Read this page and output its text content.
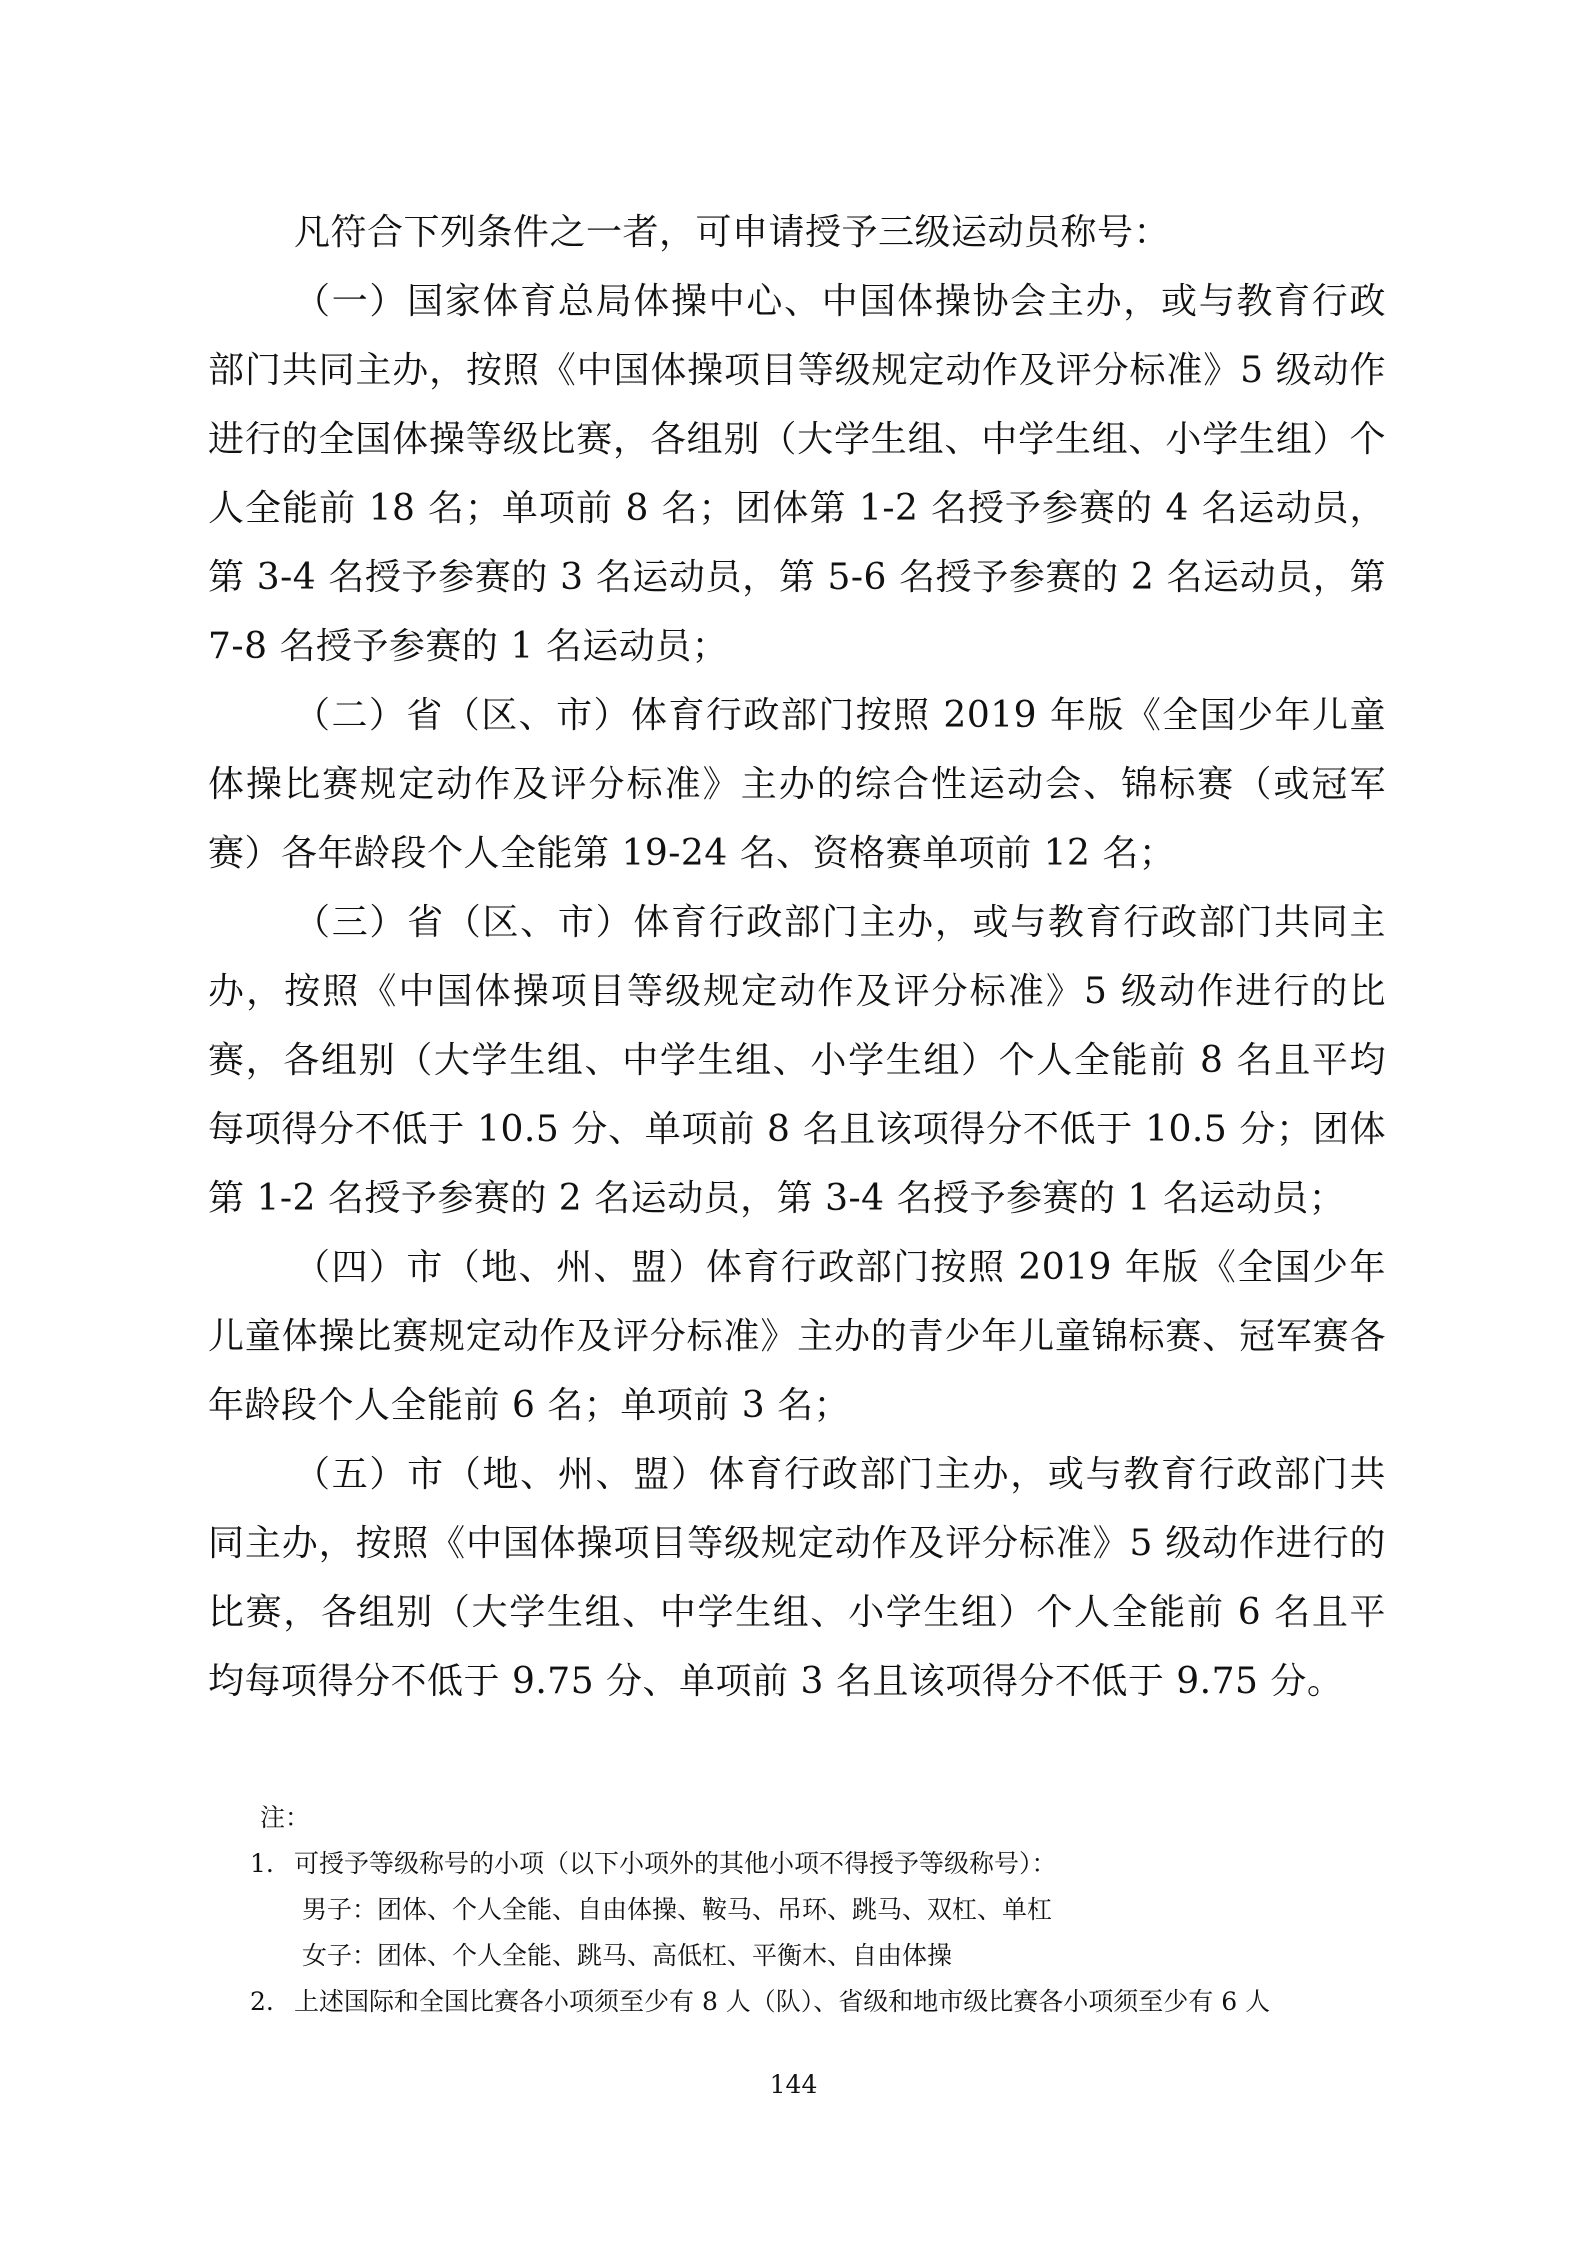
凡符合下列条件之一者，可申请授予三级运动员称号：

（一）国家体育总局体操中心、中国体操协会主办，或与教育行政部门共同主办，按照《中国体操项目等级规定动作及评分标准》5 级动作进行的全国体操等级比赛，各组别（大学生组、中学生组、小学生组）个人全能前 18 名；单项前 8 名；团体第 1-2 名授予参赛的 4 名运动员，第 3-4 名授予参赛的 3 名运动员，第 5-6 名授予参赛的 2 名运动员，第 7-8 名授予参赛的 1 名运动员；

（二）省（区、市）体育行政部门按照 2019 年版《全国少年儿童体操比赛规定动作及评分标准》主办的综合性运动会、锦标赛（或冠军赛）各年龄段个人全能第 19-24 名、资格赛单项前 12 名；

（三）省（区、市）体育行政部门主办，或与教育行政部门共同主办，按照《中国体操项目等级规定动作及评分标准》5 级动作进行的比赛，各组别（大学生组、中学生组、小学生组）个人全能前 8 名且平均每项得分不低于 10.5 分、单项前 8 名且该项得分不低于 10.5 分；团体第 1-2 名授予参赛的 2 名运动员，第 3-4 名授予参赛的 1 名运动员；

（四）市（地、州、盟）体育行政部门按照 2019 年版《全国少年儿童体操比赛规定动作及评分标准》主办的青少年儿童锦标赛、冠军赛各年龄段个人全能前 6 名；单项前 3 名；

（五）市（地、州、盟）体育行政部门主办，或与教育行政部门共同主办，按照《中国体操项目等级规定动作及评分标准》5 级动作进行的比赛，各组别（大学生组、中学生组、小学生组）个人全能前 6 名且平均每项得分不低于 9.75 分、单项前 3 名且该项得分不低于 9.75 分。

注：

1. 可授予等级称号的小项（以下小项外的其他小项不得授予等级称号）：

男子：团体、个人全能、自由体操、鞍马、吊环、跳马、双杠、单杠

女子：团体、个人全能、跳马、高低杠、平衡木、自由体操

2. 上述国际和全国比赛各小项须至少有 8 人（队）、省级和地市级比赛各小项须至少有 6 人

144
